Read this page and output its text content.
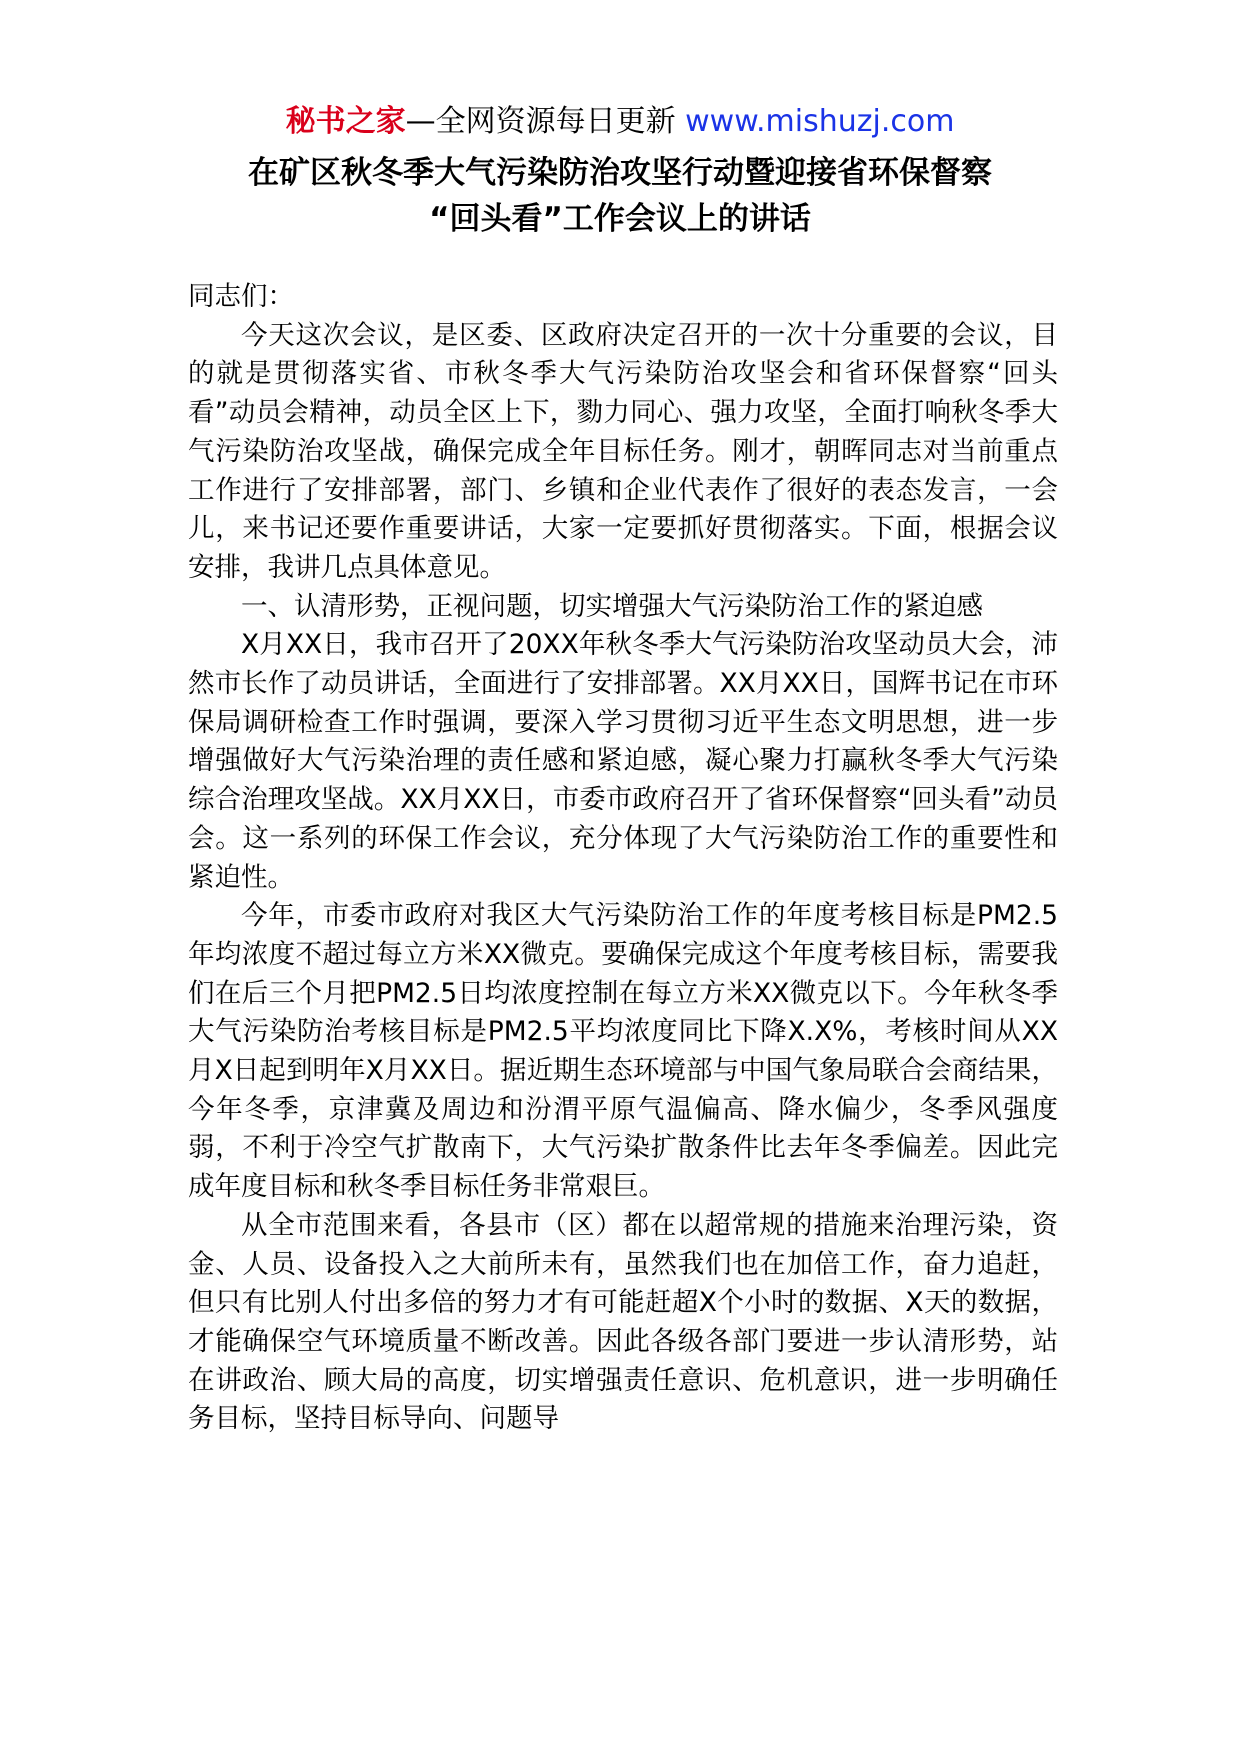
秘书之家—全网资源每日更新 www.mishuzj.com
在矿区秋冬季大气污染防治攻坚行动暨迎接省环保督察
“回头看”工作会议上的讲话

同志们：

今天这次会议，是区委、区政府决定召开的一次十分重要的会议，目的就是贯彻落实省、市秋冬季大气污染防治攻坚会和省环保督察“回头看”动员会精神，动员全区上下，勠力同心、强力攻坚，全面打响秋冬季大气污染防治攻坚战，确保完成全年目标任务。刚才，朝晖同志对当前重点工作进行了安排部署，部门、乡镇和企业代表作了很好的表态发言，一会儿，来书记还要作重要讲话，大家一定要抓好贯彻落实。下面，根据会议安排，我讲几点具体意见。

一、认清形势，正视问题，切实增强大气污染防治工作的紧迫感

X月XX日，我市召开了20XX年秋冬季大气污染防治攻坚动员大会，沛然市长作了动员讲话，全面进行了安排部署。XX月XX日，国辉书记在市环保局调研检查工作时强调，要深入学习贯彻习近平生态文明思想，进一步增强做好大气污染治理的责任感和紧迫感，凝心聚力打赢秋冬季大气污染综合治理攻坚战。XX月XX日，市委市政府召开了省环保督察“回头看”动员会。这一系列的环保工作会议，充分体现了大气污染防治工作的重要性和紧迫性。

今年，市委市政府对我区大气污染防治工作的年度考核目标是PM2.5年均浓度不超过每立方米XX微克。要确保完成这个年度考核目标，需要我们在后三个月把PM2.5日均浓度控制在每立方米XX微克以下。今年秋冬季大气污染防治考核目标是PM2.5平均浓度同比下降X.X%，考核时间从XX月X日起到明年X月XX日。据近期生态环境部与中国气象局联合会商结果，今年冬季，京津冀及周边和汾渭平原气温偏高、降水偏少，冬季风强度弱，不利于冷空气扩散南下，大气污染扩散条件比去年冬季偏差。因此完成年度目标和秋冬季目标任务非常艰巨。

从全市范围来看，各县市（区）都在以超常规的措施来治理污染，资金、人员、设备投入之大前所未有，虽然我们也在加倍工作，奋力追赶，但只有比别人付出多倍的努力才有可能赶超X个小时的数据、X天的数据，才能确保空气环境质量不断改善。因此各级各部门要进一步认清形势，站在讲政治、顾大局的高度，切实增强责任意识、危机意识，进一步明确任务目标，坚持目标导向、问题导
